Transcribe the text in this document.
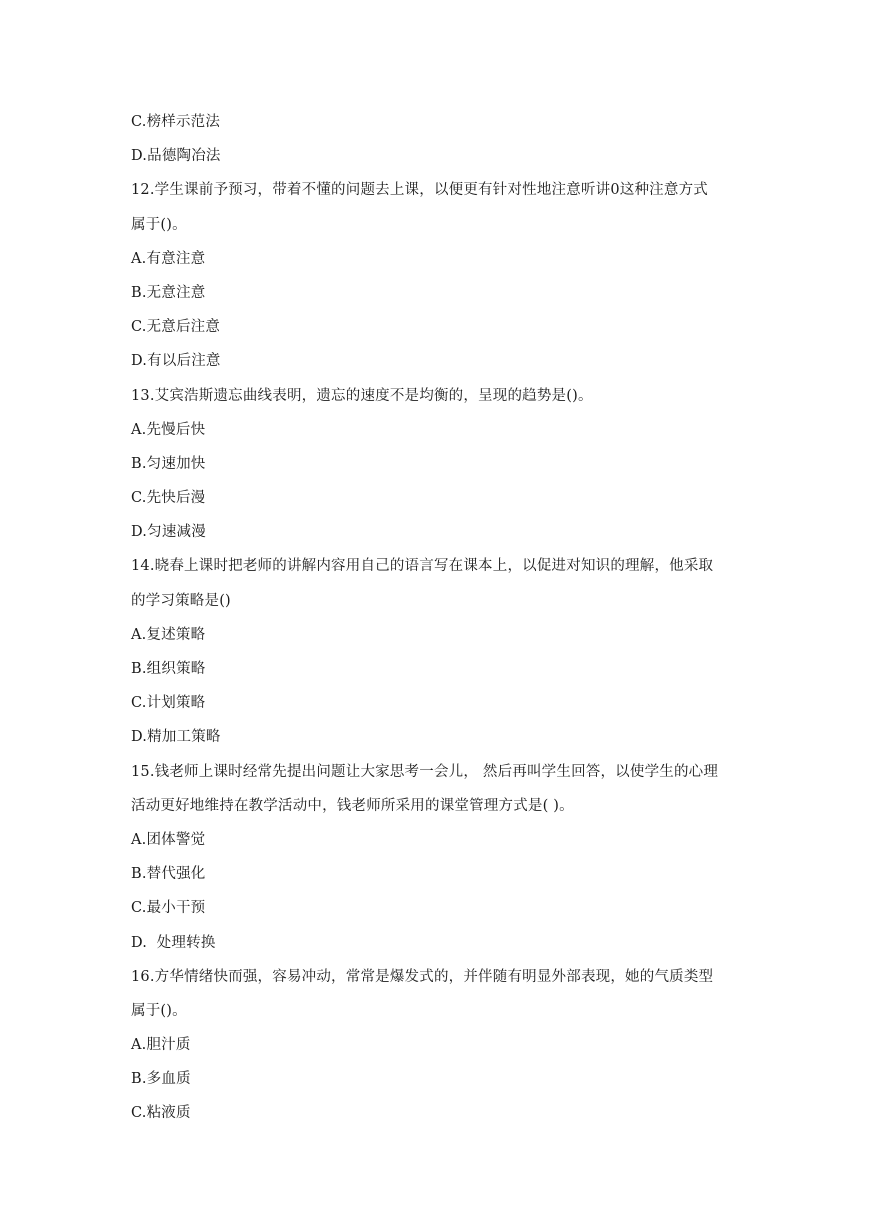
C.榜样示范法
D.品德陶冶法
12.学生课前予预习，带着不懂的问题去上课，以便更有针对性地注意听讲0这种注意方式
属于()。
A.有意注意
B.无意注意
C.无意后注意
D.有以后注意
13.艾宾浩斯遗忘曲线表明，遗忘的速度不是均衡的，呈现的趋势是()。
A.先慢后快
B.匀速加快
C.先快后漫
D.匀速减漫
14.晓春上课时把老师的讲解内容用自己的语言写在课本上，以促进对知识的理解，他采取
的学习策略是()
A.复述策略
B.组织策略
C.计划策略
D.精加工策略
15.钱老师上课时经常先提出问题让大家思考一会儿， 然后再叫学生回答，以使学生的心理
活动更好地维持在教学活动中，钱老师所采用的课堂管理方式是( )。
A.团体警觉
B.替代强化
C.最小干预
D.  处理转换
16.方华情绪快而强，容易冲动，常常是爆发式的，并伴随有明显外部表现，她的气质类型
属于()。
A.胆汁质
B.多血质
C.粘液质
